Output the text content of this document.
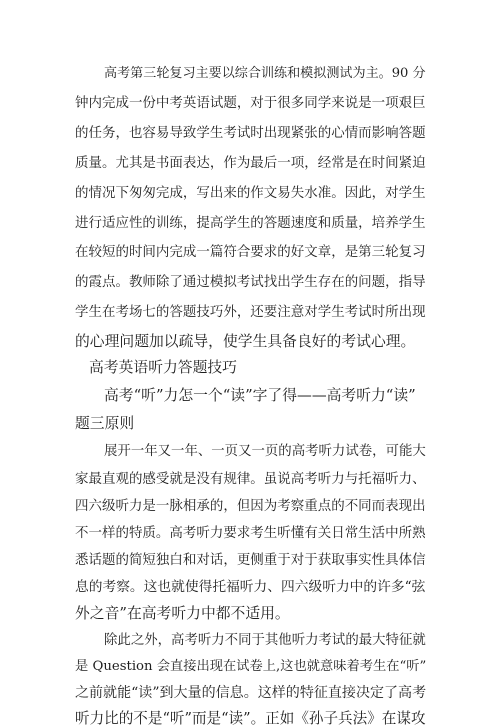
高考第三轮复习主要以综合训练和模拟测试为主。90 分
钟内完成一份中考英语试题，对于很多同学来说是一项艰巨
的任务，也容易导致学生考试时出现紧张的心情而影响答题
质量。尤其是书面表达，作为最后一项，经常是在时间紧迫
的情况下匆匆完成，写出来的作文易失水准。因此，对学生
进行适应性的训练，提高学生的答题速度和质量，培养学生
在较短的时间内完成一篇符合要求的好文章，是第三轮复习
的霞点。教师除了通过模拟考试找出学生存在的问题，指导
学生在考场七的答题技巧外，还要注意对学生考试时所出现
的心理问题加以疏导，使学生具备良好的考试心理。
高考英语听力答题技巧
高考“听”力怎一个“读”字了得——高考听力“读”
题三原则
展开一年又一年、一页又一页的高考听力试卷，可能大
家最直观的感受就是没有规律。虽说高考听力与托福听力、
四六级听力是一脉相承的，但因为考察重点的不同而表现出
不一样的特质。高考听力要求考生听懂有关日常生活中所熟
悉话题的简短独白和对话，更侧重于对于获取事实性具体信
息的考察。这也就使得托福听力、四六级听力中的许多“弦
外之音”在高考听力中都不适用。
除此之外，高考听力不同于其他听力考试的最大特征就
是 Question 会直接出现在试卷上,这也就意味着考生在“听”
之前就能“读”到大量的信息。这样的特征直接决定了高考
听力比的不是“听”而是“读”。正如《孙子兵法》在谋攻
